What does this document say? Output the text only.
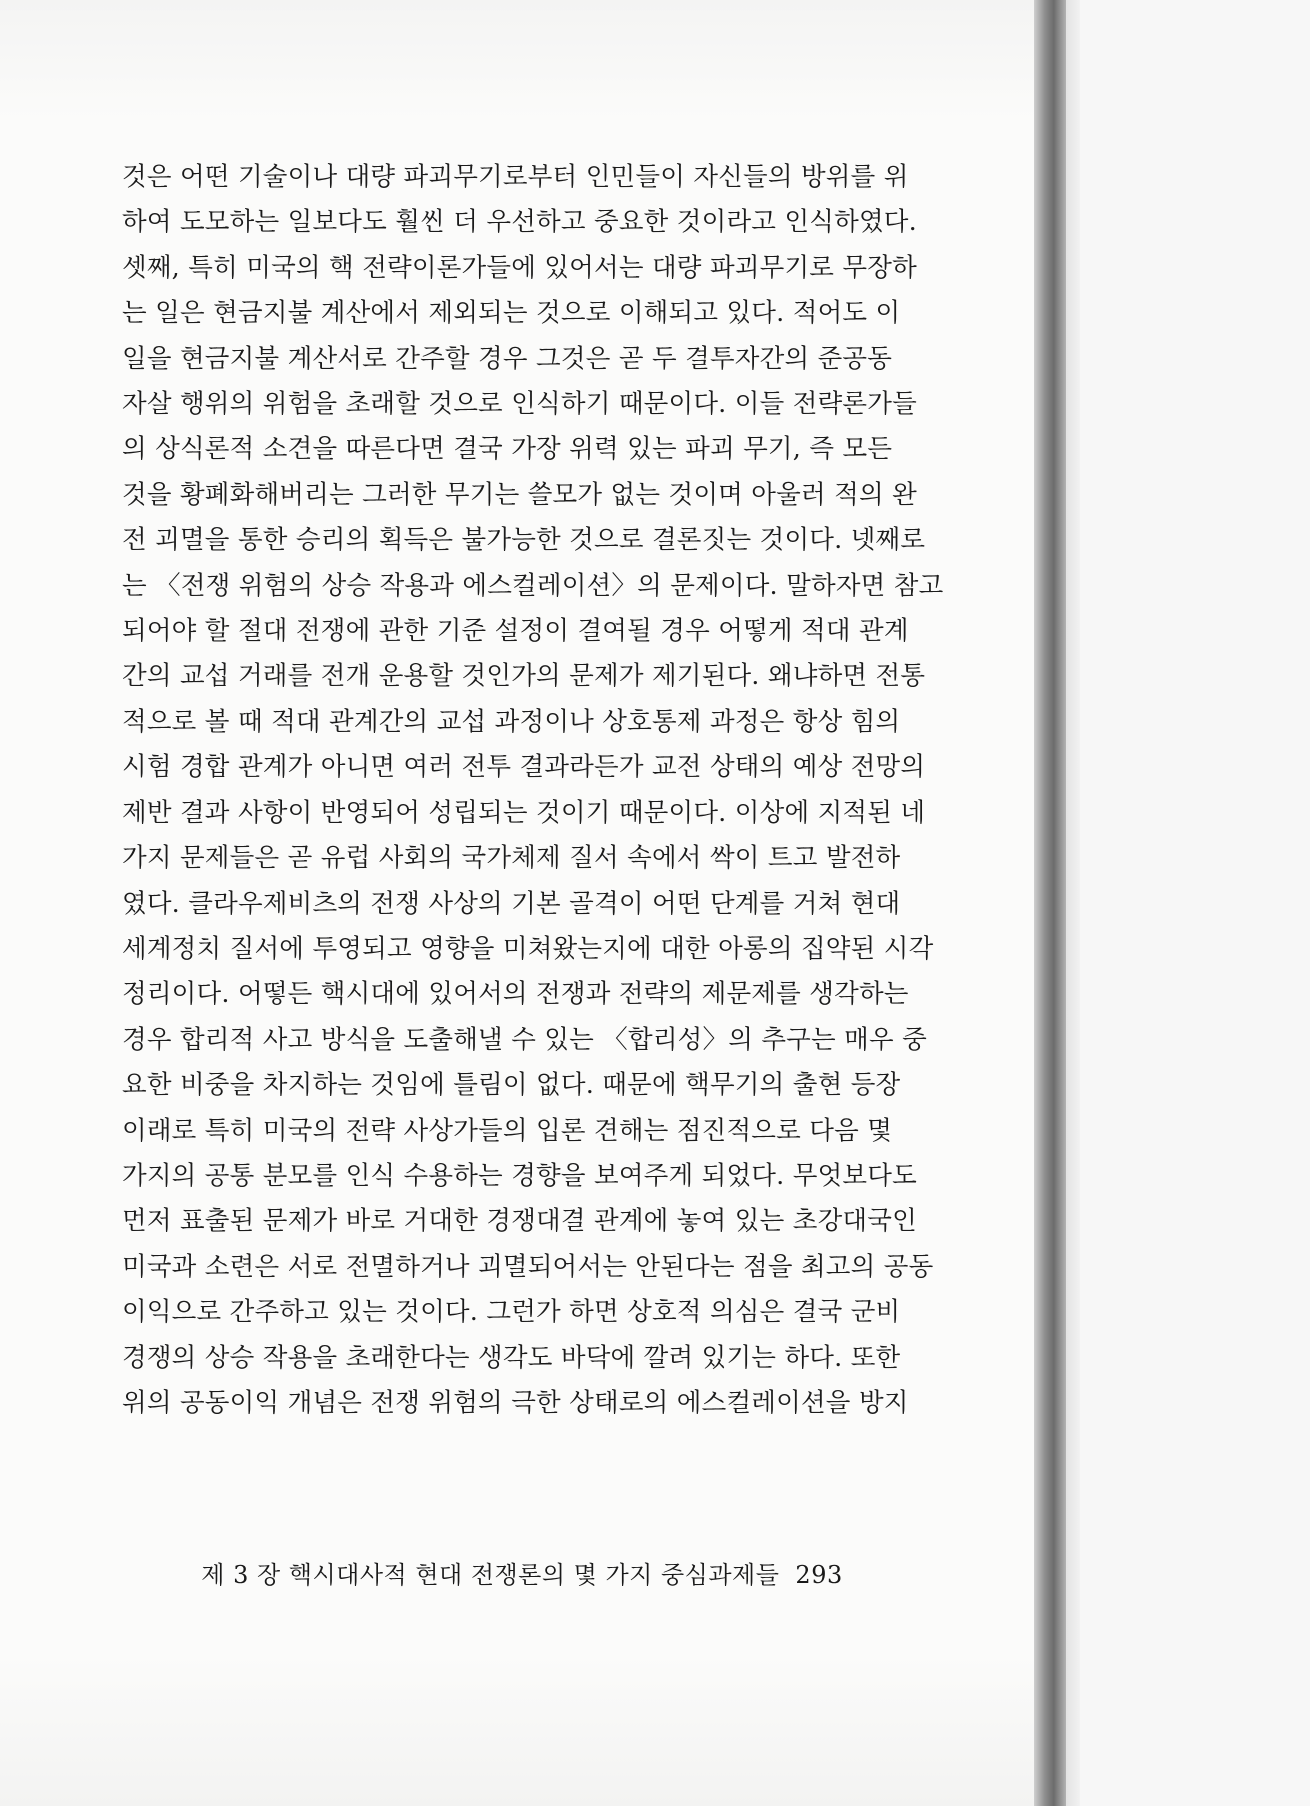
것은 어떤 기술이나 대량 파괴무기로부터 인민들이 자신들의 방위를 위
하여 도모하는 일보다도 훨씬 더 우선하고 중요한 것이라고 인식하였다.
셋째, 특히 미국의 핵 전략이론가들에 있어서는 대량 파괴무기로 무장하
는 일은 현금지불 계산에서 제외되는 것으로 이해되고 있다. 적어도 이
일을 현금지불 계산서로 간주할 경우 그것은 곧 두 결투자간의 준공동
자살 행위의 위험을 초래할 것으로 인식하기 때문이다. 이들 전략론가들
의 상식론적 소견을 따른다면 결국 가장 위력 있는 파괴 무기, 즉 모든
것을 황폐화해버리는 그러한 무기는 쓸모가 없는 것이며 아울러 적의 완
전 괴멸을 통한 승리의 획득은 불가능한 것으로 결론짓는 것이다. 넷째로
는 〈전쟁 위험의 상승 작용과 에스컬레이션〉의 문제이다. 말하자면 참고
되어야 할 절대 전쟁에 관한 기준 설정이 결여될 경우 어떻게 적대 관계
간의 교섭 거래를 전개 운용할 것인가의 문제가 제기된다. 왜냐하면 전통
적으로 볼 때 적대 관계간의 교섭 과정이나 상호통제 과정은 항상 힘의
시험 경합 관계가 아니면 여러 전투 결과라든가 교전 상태의 예상 전망의
제반 결과 사항이 반영되어 성립되는 것이기 때문이다. 이상에 지적된 네
가지 문제들은 곧 유럽 사회의 국가체제 질서 속에서 싹이 트고 발전하
였다. 클라우제비츠의 전쟁 사상의 기본 골격이 어떤 단계를 거쳐 현대
세계정치 질서에 투영되고 영향을 미쳐왔는지에 대한 아롱의 집약된 시각
정리이다. 어떻든 핵시대에 있어서의 전쟁과 전략의 제문제를 생각하는
경우 합리적 사고 방식을 도출해낼 수 있는 〈합리성〉의 추구는 매우 중
요한 비중을 차지하는 것임에 틀림이 없다. 때문에 핵무기의 출현 등장
이래로 특히 미국의 전략 사상가들의 입론 견해는 점진적으로 다음 몇
가지의 공통 분모를 인식 수용하는 경향을 보여주게 되었다. 무엇보다도
먼저 표출된 문제가 바로 거대한 경쟁대결 관계에 놓여 있는 초강대국인
미국과 소련은 서로 전멸하거나 괴멸되어서는 안된다는 점을 최고의 공동
이익으로 간주하고 있는 것이다. 그런가 하면 상호적 의심은 결국 군비
경쟁의 상승 작용을 초래한다는 생각도 바닥에 깔려 있기는 하다. 또한
위의 공동이익 개념은 전쟁 위험의 극한 상태로의 에스컬레이션을 방지
제 3 장 핵시대사적 현대 전쟁론의 몇 가지 중심과제들 293
